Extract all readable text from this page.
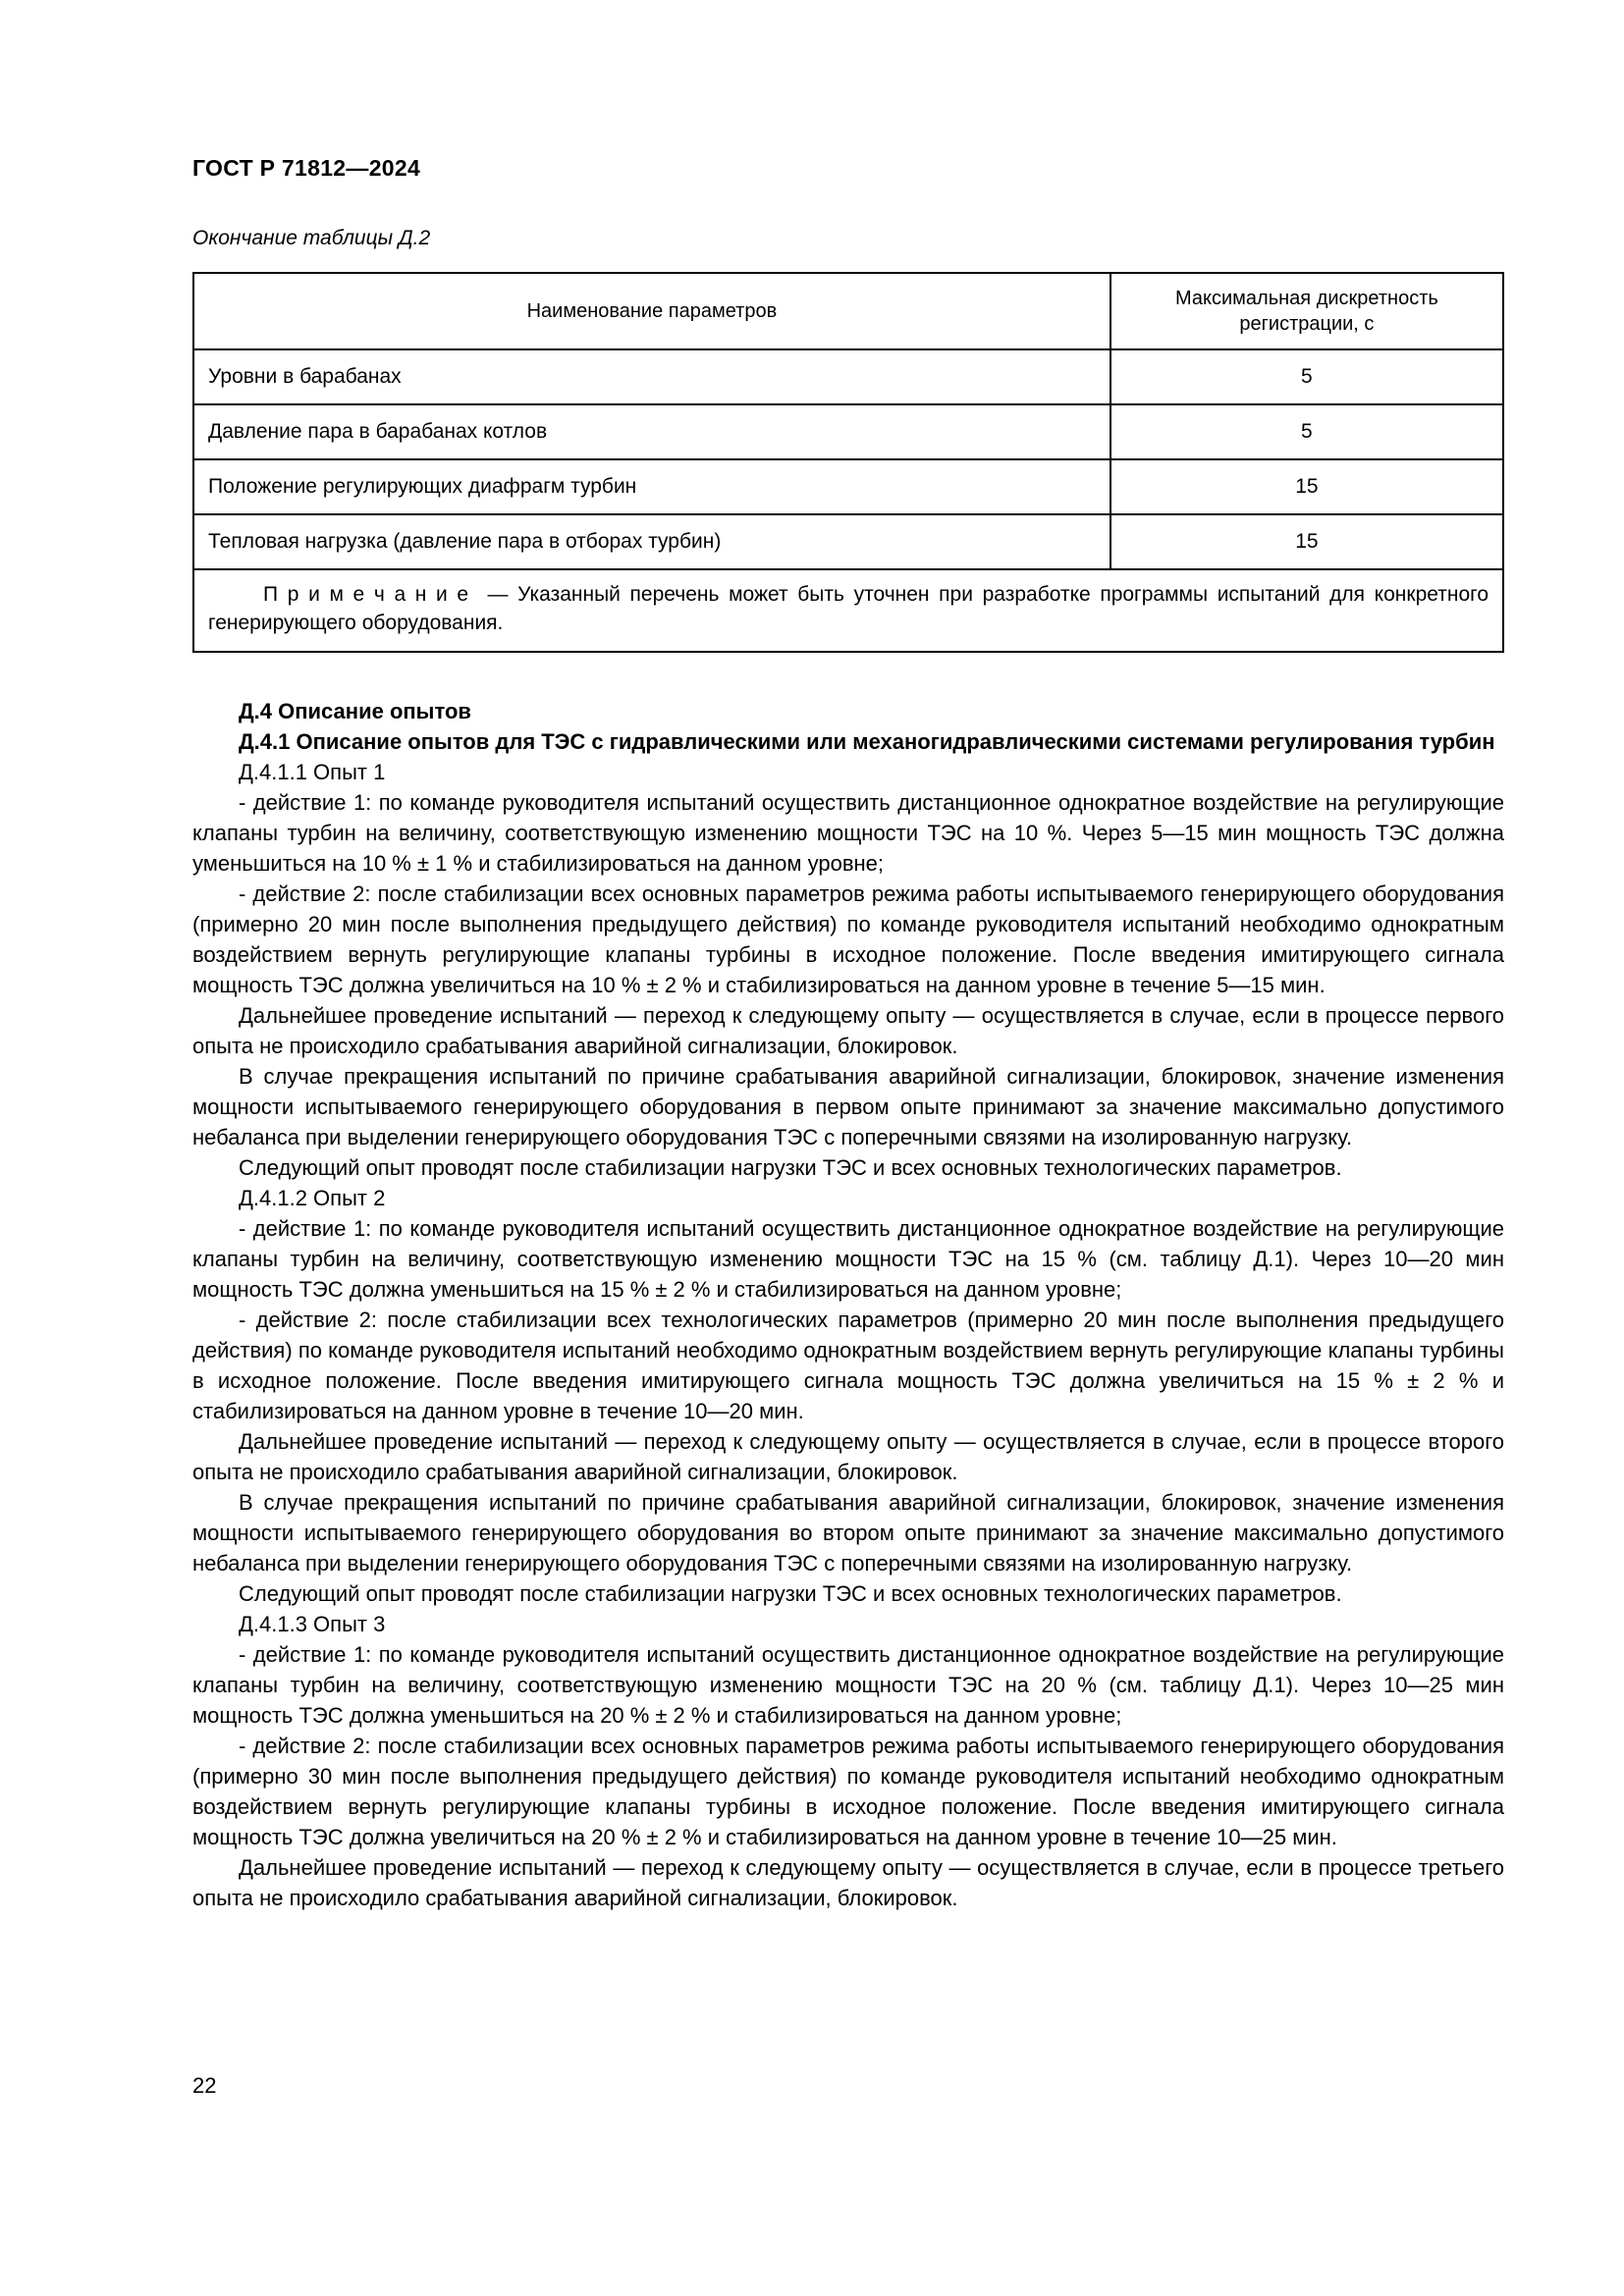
ГОСТ Р 71812—2024
Окончание таблицы Д.2
Наименование параметров	Максимальная дискретность регистрации, с
Уровни в барабанах	5
Давление пара в барабанах котлов	5
Положение регулирующих диафрагм турбин	15
Тепловая нагрузка (давление пара в отборах турбин)	15
П р и м е ч а н и е — Указанный перечень может быть уточнен при разработке программы испытаний для конкретного генерирующего оборудования.	

Д.4 Описание опытов

Д.4.1 Описание опытов для ТЭС с гидравлическими или механогидравлическими системами регулирования турбин

Д.4.1.1 Опыт 1

- действие 1: по команде руководителя испытаний осуществить дистанционное однократное воздействие на регулирующие клапаны турбин на величину, соответствующую изменению мощности ТЭС на 10 %. Через 5—15 мин мощность ТЭС должна уменьшиться на 10 % ± 1 % и стабилизироваться на данном уровне;

- действие 2: после стабилизации всех основных параметров режима работы испытываемого генерирующего оборудования (примерно 20 мин после выполнения предыдущего действия) по команде руководителя испытаний необходимо однократным воздействием вернуть регулирующие клапаны турбины в исходное положение. После введения имитирующего сигнала мощность ТЭС должна увеличиться на 10 % ± 2 % и стабилизироваться на данном уровне в течение 5—15 мин.

Дальнейшее проведение испытаний — переход к следующему опыту — осуществляется в случае, если в процессе первого опыта не происходило срабатывания аварийной сигнализации, блокировок.

В случае прекращения испытаний по причине срабатывания аварийной сигнализации, блокировок, значение изменения мощности испытываемого генерирующего оборудования в первом опыте принимают за значение максимально допустимого небаланса при выделении генерирующего оборудования ТЭС с поперечными связями на изолированную нагрузку.

Следующий опыт проводят после стабилизации нагрузки ТЭС и всех основных технологических параметров.

Д.4.1.2 Опыт 2

- действие 1: по команде руководителя испытаний осуществить дистанционное однократное воздействие на регулирующие клапаны турбин на величину, соответствующую изменению мощности ТЭС на 15 % (см. таблицу Д.1). Через 10—20 мин мощность ТЭС должна уменьшиться на 15 % ± 2 % и стабилизироваться на данном уровне;

- действие 2: после стабилизации всех технологических параметров (примерно 20 мин после выполнения предыдущего действия) по команде руководителя испытаний необходимо однократным воздействием вернуть регулирующие клапаны турбины в исходное положение. После введения имитирующего сигнала мощность ТЭС должна увеличиться на 15 % ± 2 % и стабилизироваться на данном уровне в течение 10—20 мин.

Дальнейшее проведение испытаний — переход к следующему опыту — осуществляется в случае, если в процессе второго опыта не происходило срабатывания аварийной сигнализации, блокировок.

В случае прекращения испытаний по причине срабатывания аварийной сигнализации, блокировок, значение изменения мощности испытываемого генерирующего оборудования во втором опыте принимают за значение максимально допустимого небаланса при выделении генерирующего оборудования ТЭС с поперечными связями на изолированную нагрузку.

Следующий опыт проводят после стабилизации нагрузки ТЭС и всех основных технологических параметров.

Д.4.1.3 Опыт 3

- действие 1: по команде руководителя испытаний осуществить дистанционное однократное воздействие на регулирующие клапаны турбин на величину, соответствующую изменению мощности ТЭС на 20 % (см. таблицу Д.1). Через 10—25 мин мощность ТЭС должна уменьшиться на 20 % ± 2 % и стабилизироваться на данном уровне;

- действие 2: после стабилизации всех основных параметров режима работы испытываемого генерирующего оборудования (примерно 30 мин после выполнения предыдущего действия) по команде руководителя испытаний необходимо однократным воздействием вернуть регулирующие клапаны турбины в исходное положение. После введения имитирующего сигнала мощность ТЭС должна увеличиться на 20 % ± 2 % и стабилизироваться на данном уровне в течение 10—25 мин.

Дальнейшее проведение испытаний — переход к следующему опыту — осуществляется в случае, если в процессе третьего опыта не происходило срабатывания аварийной сигнализации, блокировок.

22
